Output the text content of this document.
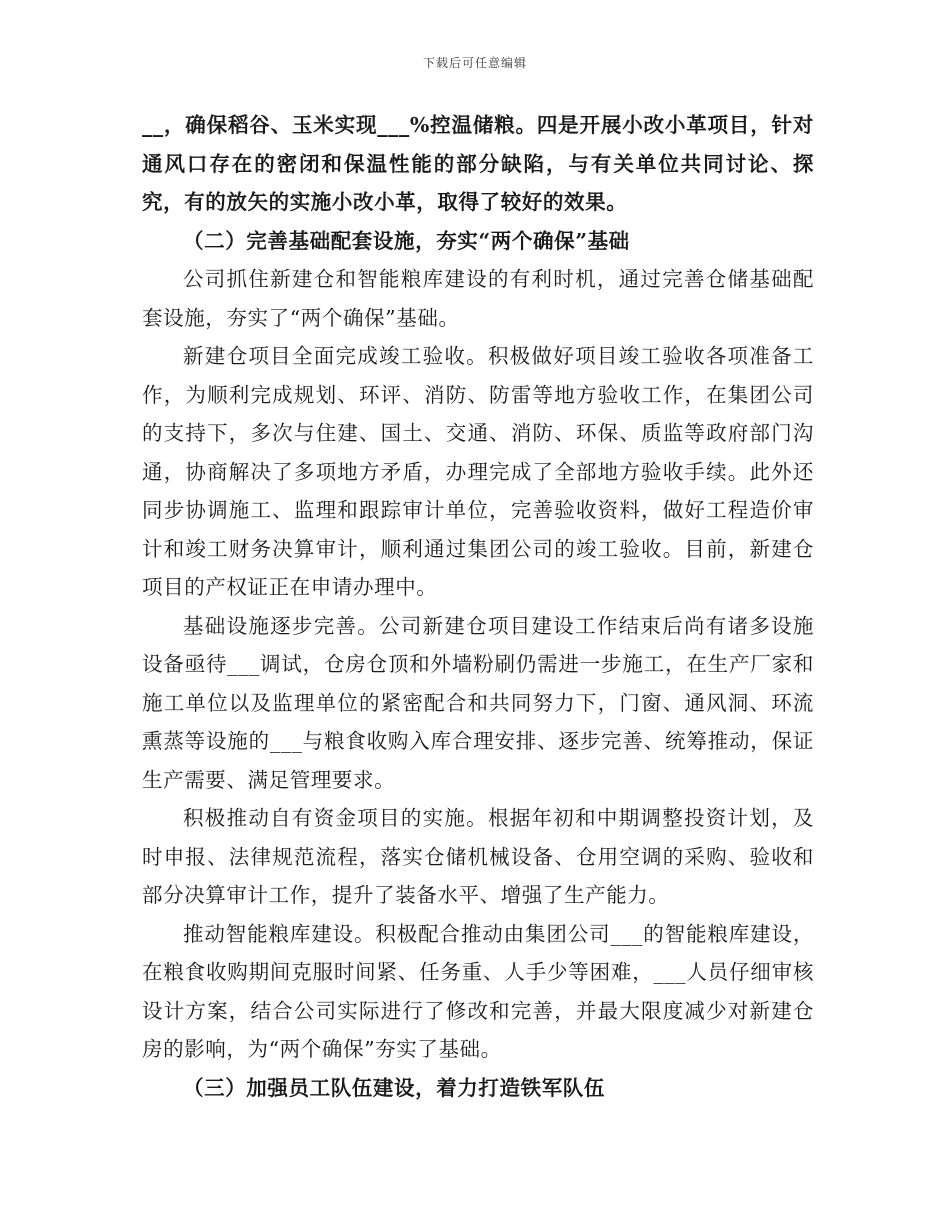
下载后可任意编辑

__，确保稻谷、玉米实现___%控温储粮。四是开展小改小革项目，针对通风口存在的密闭和保温性能的部分缺陷，与有关单位共同讨论、探究，有的放矢的实施小改小革，取得了较好的效果。

（二）完善基础配套设施，夯实“两个确保”基础

公司抓住新建仓和智能粮库建设的有利时机，通过完善仓储基础配套设施，夯实了“两个确保”基础。

新建仓项目全面完成竣工验收。积极做好项目竣工验收各项准备工作，为顺利完成规划、环评、消防、防雷等地方验收工作，在集团公司的支持下，多次与住建、国土、交通、消防、环保、质监等政府部门沟通，协商解决了多项地方矛盾，办理完成了全部地方验收手续。此外还同步协调施工、监理和跟踪审计单位，完善验收资料，做好工程造价审计和竣工财务决算审计，顺利通过集团公司的竣工验收。目前，新建仓项目的产权证正在申请办理中。

基础设施逐步完善。公司新建仓项目建设工作结束后尚有诸多设施设备亟待___调试，仓房仓顶和外墙粉刷仍需进一步施工，在生产厂家和施工单位以及监理单位的紧密配合和共同努力下，门窗、通风洞、环流熏蒸等设施的___与粮食收购入库合理安排、逐步完善、统筹推动，保证生产需要、满足管理要求。

积极推动自有资金项目的实施。根据年初和中期调整投资计划，及时申报、法律规范流程，落实仓储机械设备、仓用空调的采购、验收和部分决算审计工作，提升了装备水平、增强了生产能力。

推动智能粮库建设。积极配合推动由集团公司___的智能粮库建设，在粮食收购期间克服时间紧、任务重、人手少等困难，___人员仔细审核设计方案，结合公司实际进行了修改和完善，并最大限度减少对新建仓房的影响，为“两个确保”夯实了基础。

（三）加强员工队伍建设，着力打造铁军队伍
